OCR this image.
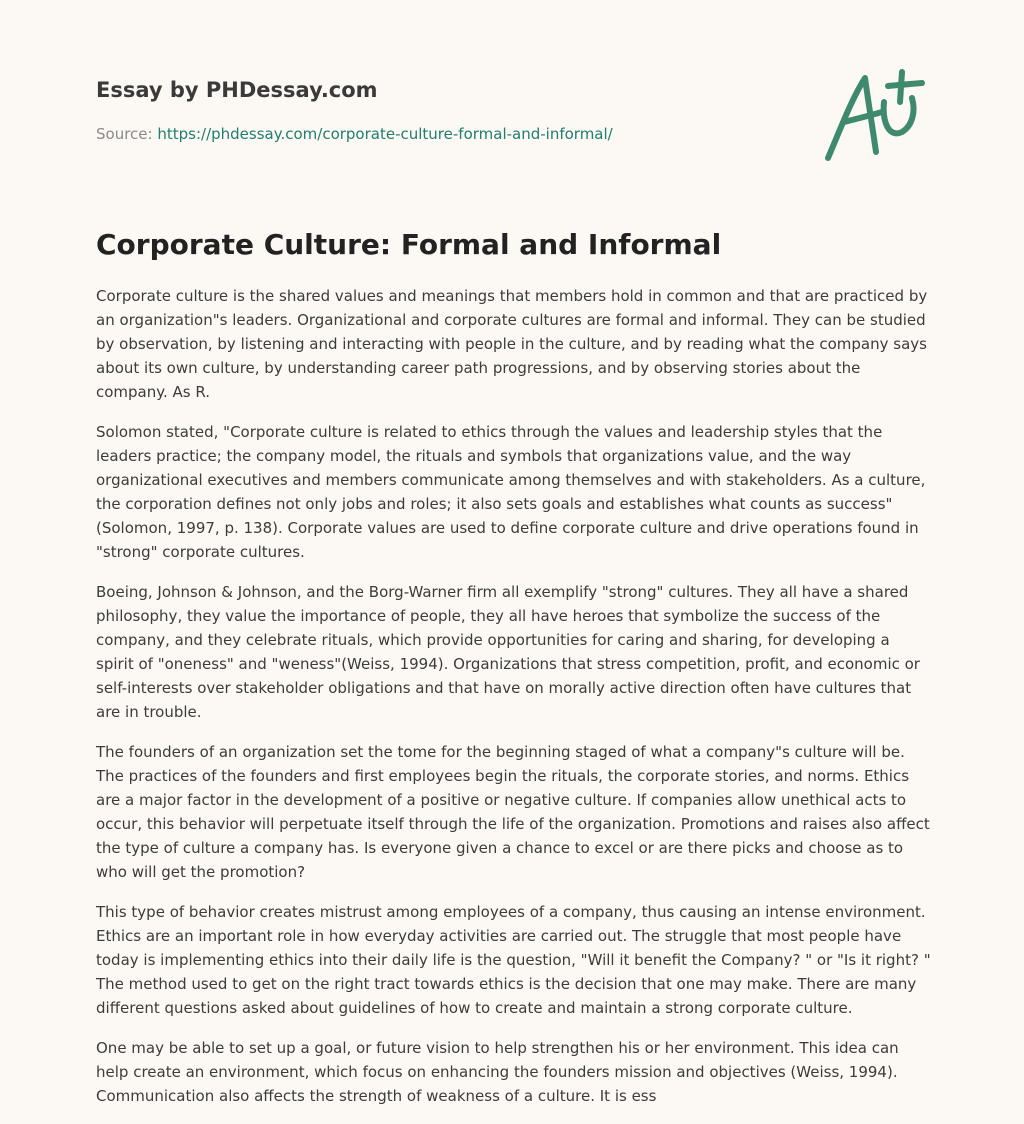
Essay by PHDessay.com
Source: https://phdessay.com/corporate-culture-formal-and-informal/
Corporate Culture: Formal and Informal

Corporate culture is the shared values and meanings that members hold in common and that are practiced by an organization"s leaders. Organizational and corporate cultures are formal and informal. They can be studied by observation, by listening and interacting with people in the culture, and by reading what the company says about its own culture, by understanding career path progressions, and by observing stories about the company. As R.

Solomon stated, "Corporate culture is related to ethics through the values and leadership styles that the leaders practice; the company model, the rituals and symbols that organizations value, and the way organizational executives and members communicate among themselves and with stakeholders. As a culture, the corporation defines not only jobs and roles; it also sets goals and establishes what counts as success" (Solomon, 1997, p. 138). Corporate values are used to define corporate culture and drive operations found in "strong" corporate cultures.

Boeing, Johnson & Johnson, and the Borg-Warner firm all exemplify "strong" cultures. They all have a shared philosophy, they value the importance of people, they all have heroes that symbolize the success of the company, and they celebrate rituals, which provide opportunities for caring and sharing, for developing a spirit of "oneness" and "weness"(Weiss, 1994). Organizations that stress competition, profit, and economic or self-interests over stakeholder obligations and that have on morally active direction often have cultures that are in trouble.

The founders of an organization set the tome for the beginning staged of what a company"s culture will be. The practices of the founders and first employees begin the rituals, the corporate stories, and norms. Ethics are a major factor in the development of a positive or negative culture. If companies allow unethical acts to occur, this behavior will perpetuate itself through the life of the organization. Promotions and raises also affect the type of culture a company has. Is everyone given a chance to excel or are there picks and choose as to who will get the promotion?

This type of behavior creates mistrust among employees of a company, thus causing an intense environment. Ethics are an important role in how everyday activities are carried out. The struggle that most people have today is implementing ethics into their daily life is the question, "Will it benefit the Company? " or "Is it right? " The method used to get on the right tract towards ethics is the decision that one may make. There are many different questions asked about guidelines of how to create and maintain a strong corporate culture.

One may be able to set up a goal, or future vision to help strengthen his or her environment. This idea can help create an environment, which focus on enhancing the founders mission and objectives (Weiss, 1994). Communication also affects the strength of weakness of a culture. It is ess
